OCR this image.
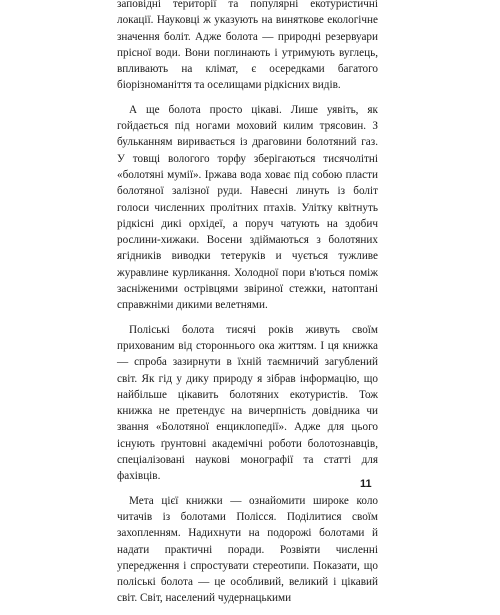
заповідні території та популярні екотуристичні локації. Науковці ж указують на виняткове екологічне значення боліт. Адже болота — природні резервуари прісної води. Вони поглинають і утримують вуглець, впливають на клімат, є осередками багатого біорізноманіття та оселищами рідкісних видів.

А ще болота просто цікаві. Лише уявіть, як гойдається під ногами моховий килим трясовин. З бульканням виривається із драговини болотяний газ. У товщі вологого торфу зберігаються тисячолітні «болотяні мумії». Іржава вода ховає під собою пласти болотяної залізної руди. Навесні линуть із боліт голоси численних пролітних птахів. Улітку квітнуть рідкісні дикі орхідеї, а поруч чатують на здобич рослини-хижаки. Восени здіймаються з болотяних ягідників виводки тетеруків и чується тужливе журавлине курликання. Холодної пори в'ються поміж засніженими острівцями звіриної стежки, натоптані справжніми дикими велетнями.

Поліські болота тисячі років живуть своїм прихованим від стороннього ока життям. І ця книжка — спроба зазирнути в їхній таємничий загублений світ. Як гід у дику природу я зібрав інформацію, що найбільше цікавить болотяних екотуристів. Тож книжка не претендує на вичерпність довідника чи звання «Болотяної енциклопедії». Адже для цього існують ґрунтовні академічні роботи болотознавців, спеціалізовані наукові монографії та статті для фахівців.

Мета цієї книжки — ознайомити широке коло читачів із болотами Полісся. Поділитися своїм захопленням. Надихнути на подорожі болотами й надати практичні поради. Розвіяти численні упередження і спростувати стереотипи. Показати, що поліські болота — це особливий, великий і цікавий світ. Світ, населений чудернацькими

11
